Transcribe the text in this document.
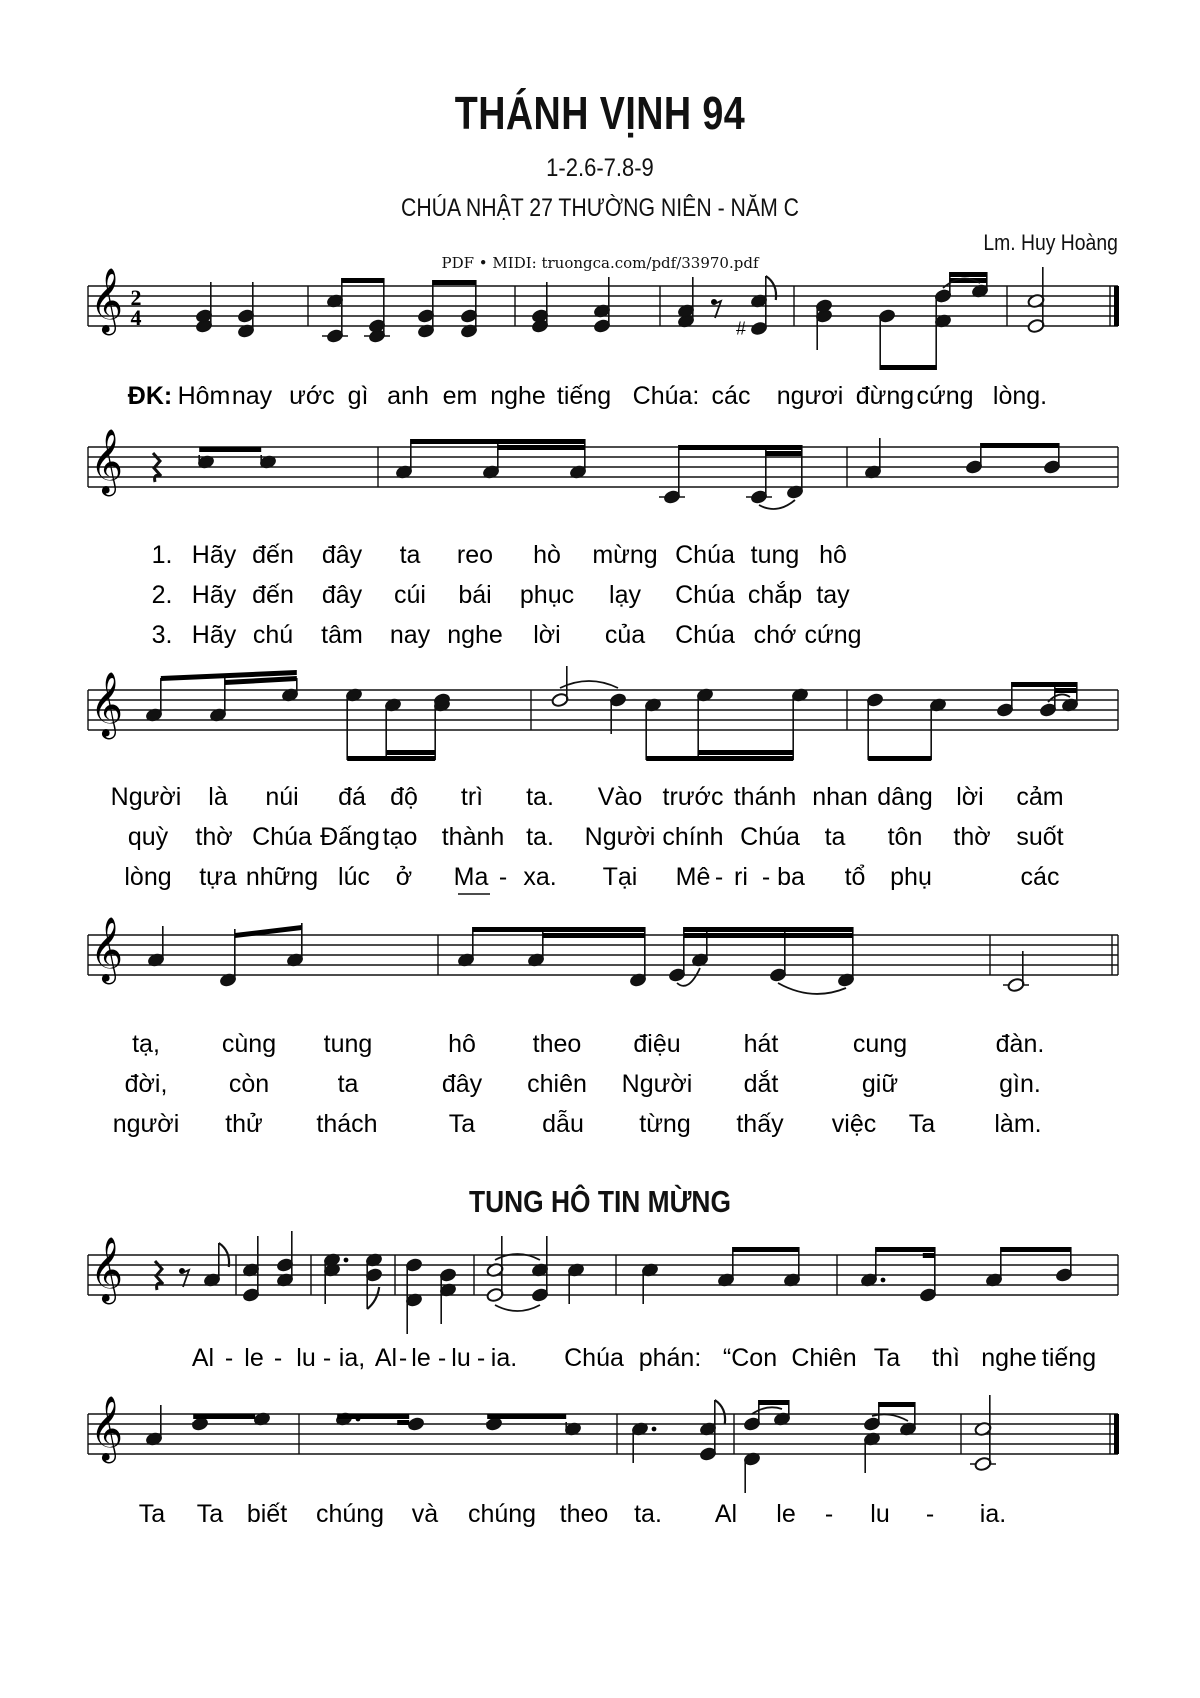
THÁNH VỊNH 94
1-2.6-7.8-9
CHÚA NHẬT 27 THƯỜNG NIÊN - NĂM C
Lm. Huy Hoàng
PDF • MIDI: truongca.com/pdf/33970.pdf
TUNG HÔ TIN MỪNG
𝄞 2
4	#
ĐK: Hôm nay ước gì anh em nghe tiếng Chúa: các ngươi đừng cứng lòng.
𝄞
1. Hãy đến đây ta reo hò mừng Chúa tung hô
2. Hãy đến đây cúi bái phục lạy Chúa chắp tay
3. Hãy chú tâm nay nghe lời của Chúa chớ cứng
𝄞
Người là núi đá độ trì ta. Vào trước thánh nhan dâng lời cảm
quỳ thờ Chúa Đấng tạo thành ta. Người chính Chúa ta tôn thờ suốt
lòng tựa những lúc ở Ma - xa. Tại Mê - ri - ba tổ phụ	các
𝄞
tạ, cùng tung	hô theo điệu	hát	cung	đàn.
đời, còn	ta	đây chiên Người dắt	giữ	gìn.
người thử thách	Ta	dẫu từng thấy việc Ta làm.
𝄞
Al - le - lu - ia, Al - le - lu - ia. Chúa phán: “Con Chiên Ta thì nghe tiếng
𝄞
Ta Ta biết chúng và chúng theo ta. Al le - lu - ia.
